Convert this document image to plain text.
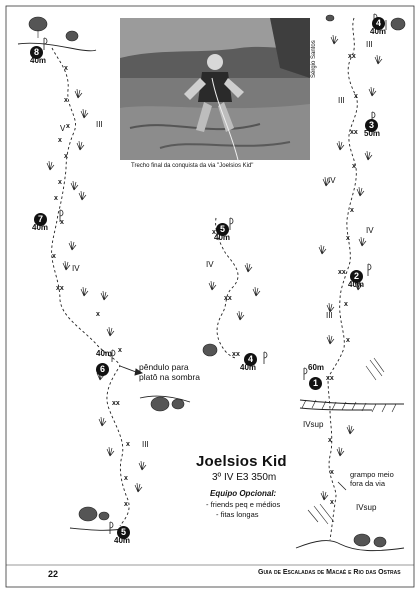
x
x
x
x
x
x
x
x
x
xx
x
x
xx
x
x
x
x
xx
x x
xx
x
xx
x
x
x
xx
x
x
xx
x
x
x
Sérgio Santos
Trecho final da conquista da via "Joelsios Kid"
8
40m
4
40m
3
50m
7
40m	5
40m
2
40m
4
40m
40m
6	60m
1
5
40m
III
V
III
IV
IV
III
IV
III
IV
III
IVsup
IVsup
pêndulo para
platô na sombra
grampo meio
fora da via
Joelsios Kid
3º IV E3 350m
Equipo Opcional:
- friends peq e médios
- fitas longas
22	Guia de Escaladas de Macaé e Rio das Ostras
